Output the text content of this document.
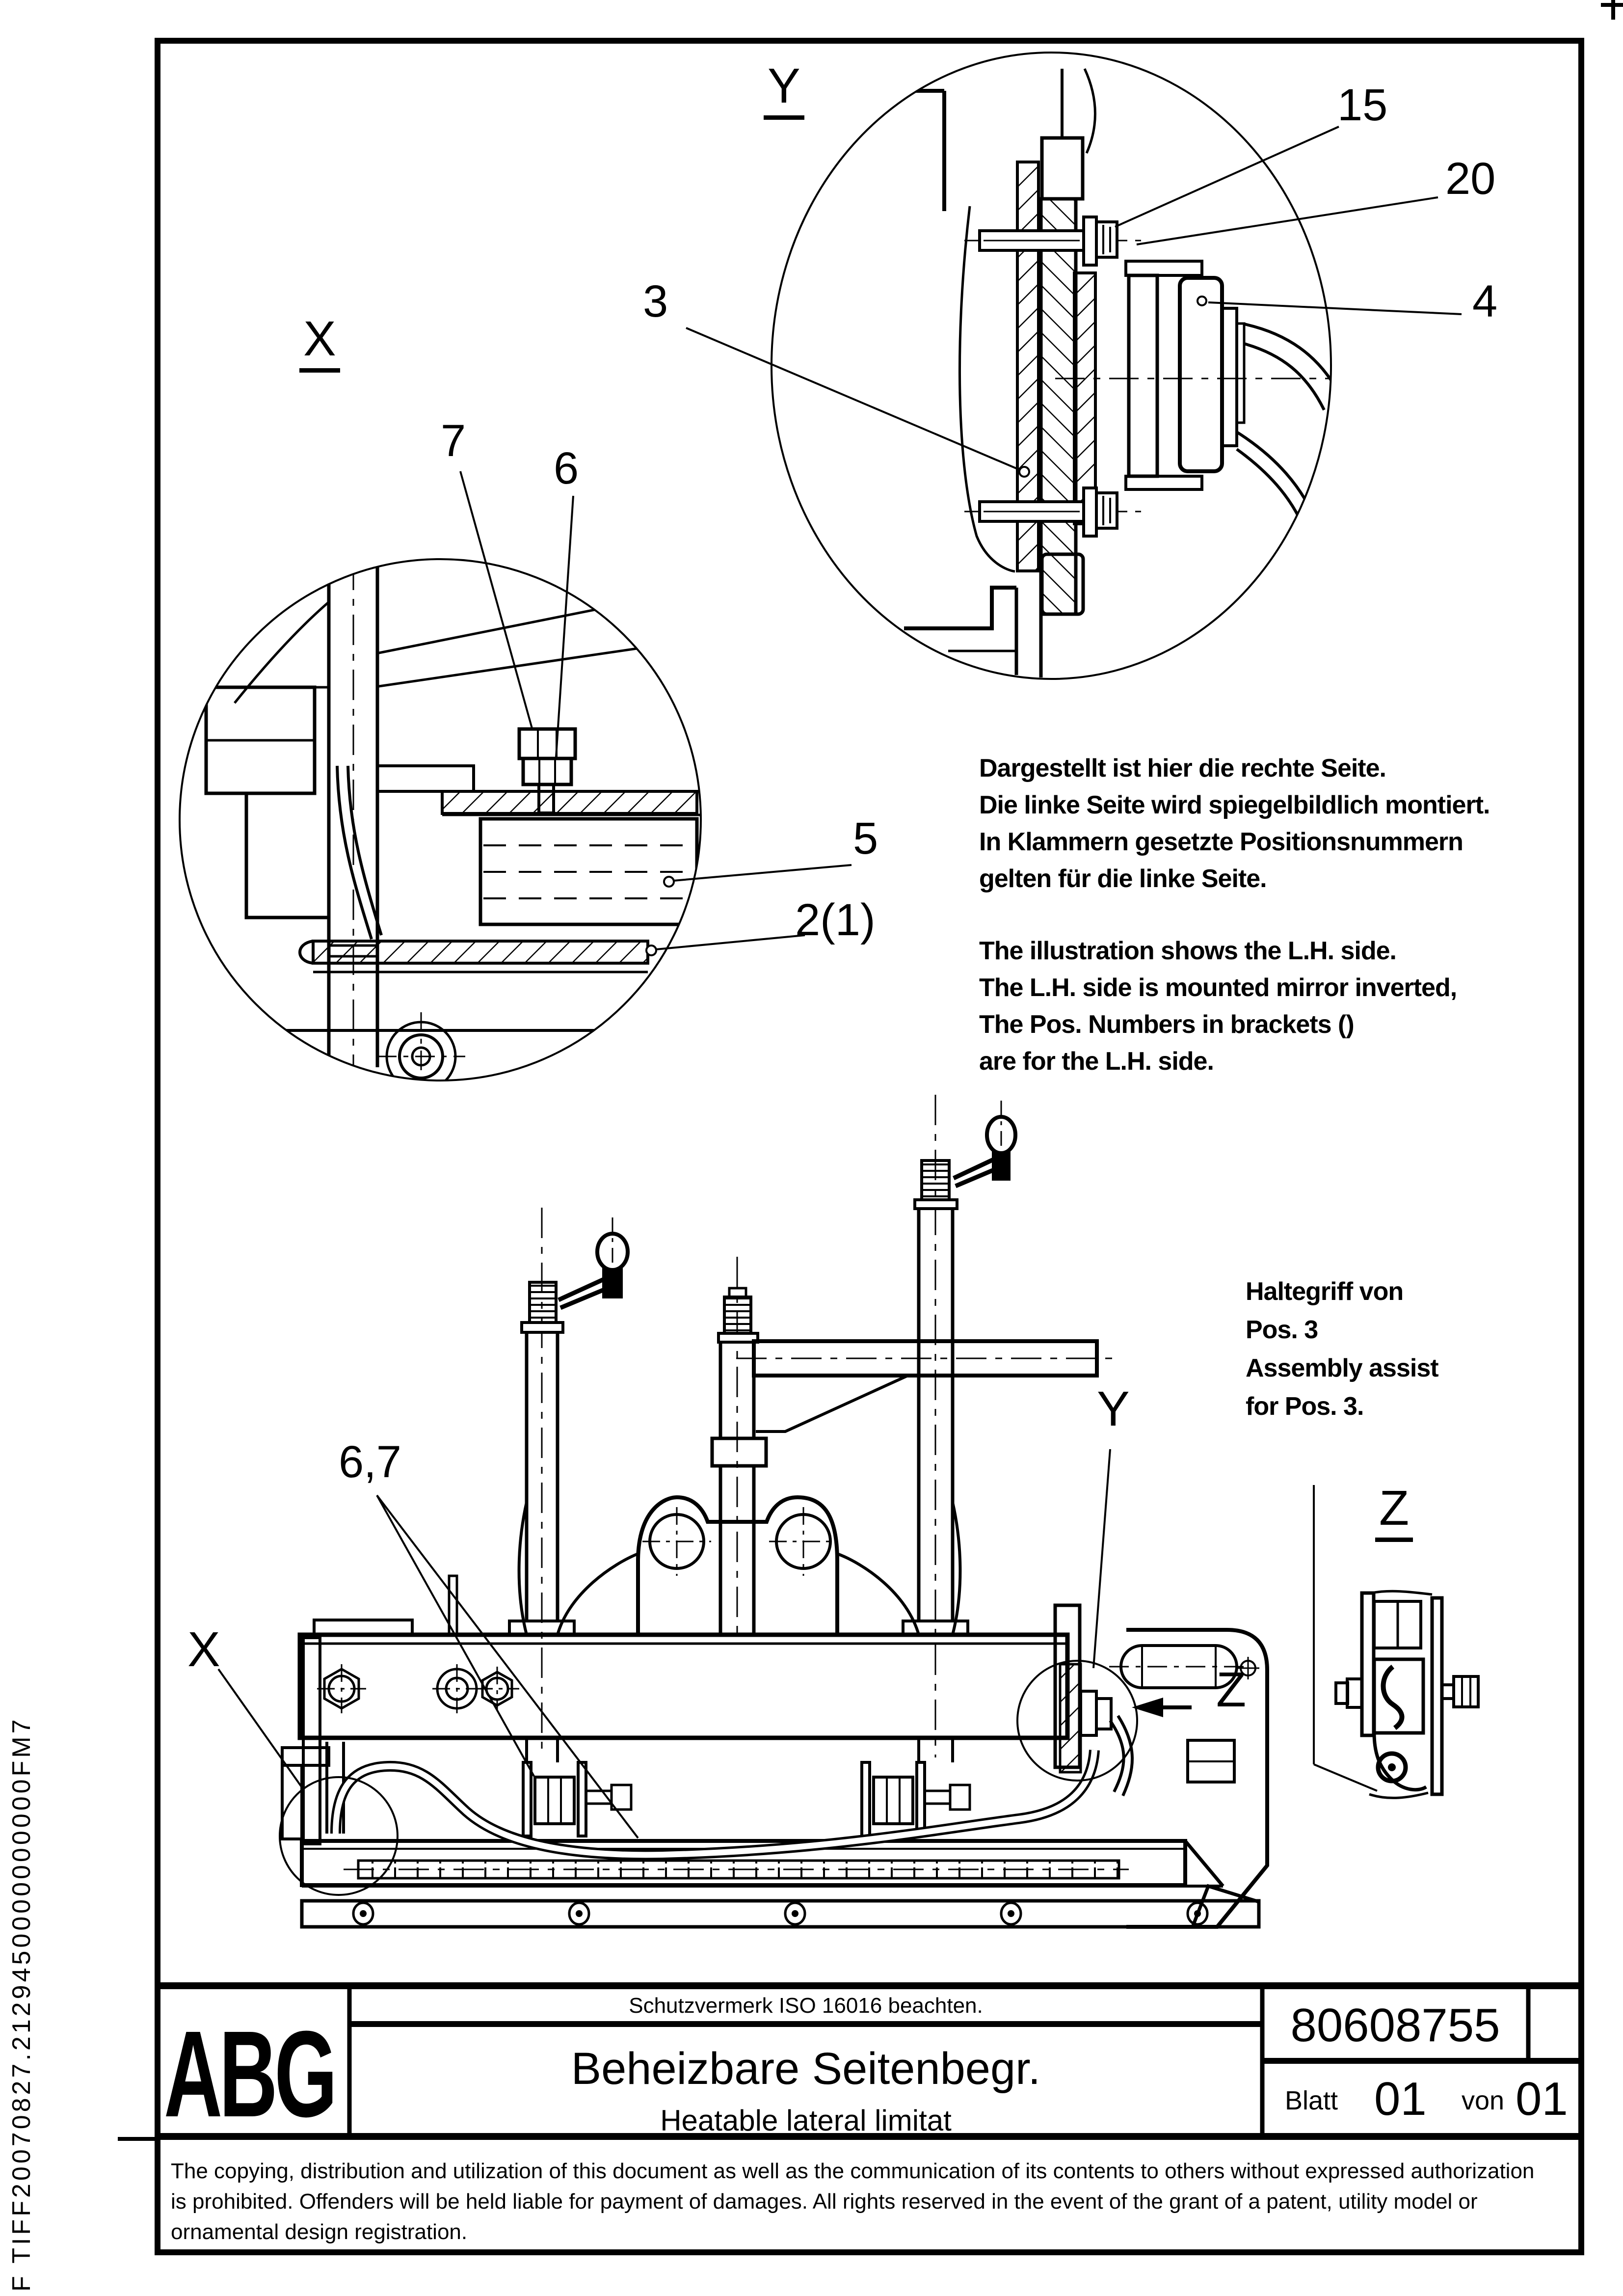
Y
X
Z
Y
Z
X
15
20
3	4
7
6
5
2(1)
6,7
Dargestellt ist hier die rechte Seite.
Die linke Seite wird spiegelbildlich montiert.
In Klammern gesetzte Positionsnummern
gelten für die linke Seite.
The illustration shows the L.H. side.
The L.H. side is mounted mirror inverted,
The Pos. Numbers in brackets ()
are for the L.H. side.
Haltegriff von
Pos. 3
Assembly assist
for Pos. 3.
ABG	Schutzvermerk ISO 16016 beachten.
Beheizbare Seitenbegr.
Heatable lateral limitat
80608755
Blatt 01 von 01
The copying, distribution and utilization of this document as well as the communication of its contents to others without expressed authorization
is prohibited. Offenders will be held liable for payment of damages. All rights reserved in the event of the grant of a patent, utility model or
ornamental design registration.
F TIFF20070827.2129450000000000FM7
